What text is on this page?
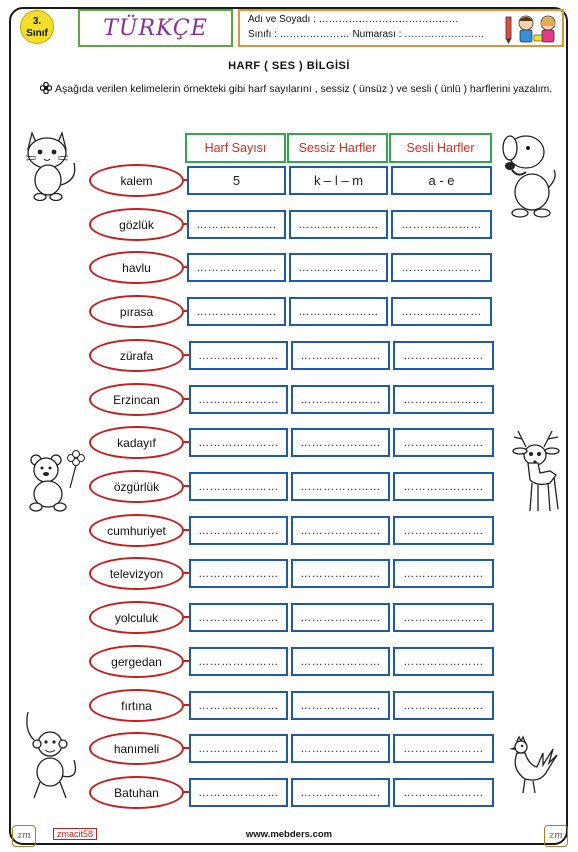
3.
Sınıf	TÜRKÇE	Adı ve Soyadı : ……………………………………
Sınıfı : ………………… Numarası : ……………………
HARF ( SES ) BİLGİSİ
Aşağıda verilen kelimelerin örnekteki gibi harf sayılarını , sessiz ( ünsüz ) ve sesli ( ünlü ) harflerini yazalım.
Harf Sayısı	Sessiz Harfler	Sesli Harfler
kalem	5	k – l – m	a - e
gözlük	…………………	…………………	…………………
havlu	…………………	…………………	…………………
pırasa	…………………	…………………	…………………
zürafa	…………………	…………………	…………………
Erzincan	…………………	…………………	…………………
kadayıf	…………………	…………………	…………………
özgürlük	…………………	…………………	…………………
cumhuriyet	…………………	…………………	…………………
televizyon	…………………	…………………	…………………
yolculuk	…………………	…………………	…………………
gergedan	…………………	…………………	…………………
fırtına	…………………	…………………	…………………
hanımeli	…………………	…………………	…………………
Batuhan	…………………	…………………	…………………
zm	zmacit58	www.mebders.com	zm
